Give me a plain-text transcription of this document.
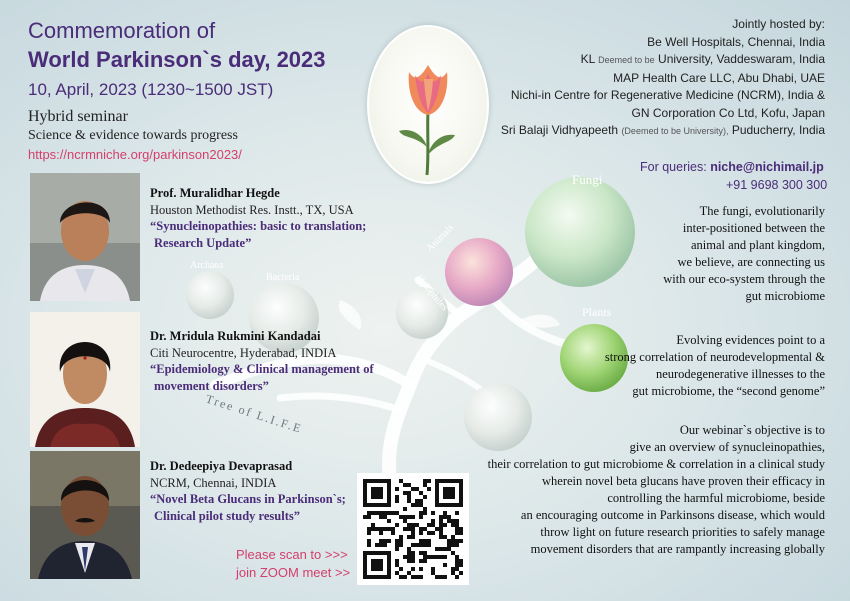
Fungi
Animals
Halophiles
Archaea
Bacteria
Plants
Tree of L.I.F.E
Commemoration of
World Parkinson`s day, 2023
10, April, 2023 (1230~1500 JST)
Hybrid seminar
Science & evidence towards progress
https://ncrmniche.org/parkinson2023/
Jointly hosted by:
Be Well Hospitals, Chennai, India
KL Deemed to be University, Vaddeswaram, India
MAP Health Care LLC, Abu Dhabi, UAE
Nichi-in Centre for Regenerative Medicine (NCRM), India &
GN Corporation Co Ltd, Kofu, Japan
Sri Balaji Vidhyapeeth (Deemed to be University), Puducherry, India
For queries: niche@nichimail.jp
+91 9698 300 300
Prof. Muralidhar Hegde
Houston Methodist Res. Instt., TX, USA
“Synucleinopathies: basic to translation;
Research Update”
Dr. Mridula Rukmini Kandadai
Citi Neurocentre, Hyderabad, INDIA
“Epidemiology & Clinical management of
movement disorders”
Dr. Dedeepiya Devaprasad
NCRM, Chennai, INDIA
“Novel Beta Glucans in Parkinson`s;
Clinical pilot study results”
The fungi, evolutionarily
inter-positioned between the
animal and plant kingdom,
we believe, are connecting us
with our eco-system through the
gut microbiome
Evolving evidences point to a
strong correlation of neurodevelopmental &
neurodegenerative illnesses to the
gut microbiome, the “second genome”
Our webinar`s objective is to
give an overview of synucleinopathies,
their correlation to gut microbiome & correlation in a clinical study
wherein novel beta glucans have proven their efficacy in
controlling the harmful microbiome, beside
an encouraging outcome in Parkinsons disease, which would
throw light on future research priorities to safely manage
movement disorders that are rampantly increasing globally
Please scan to >>>
join ZOOM meet >>
